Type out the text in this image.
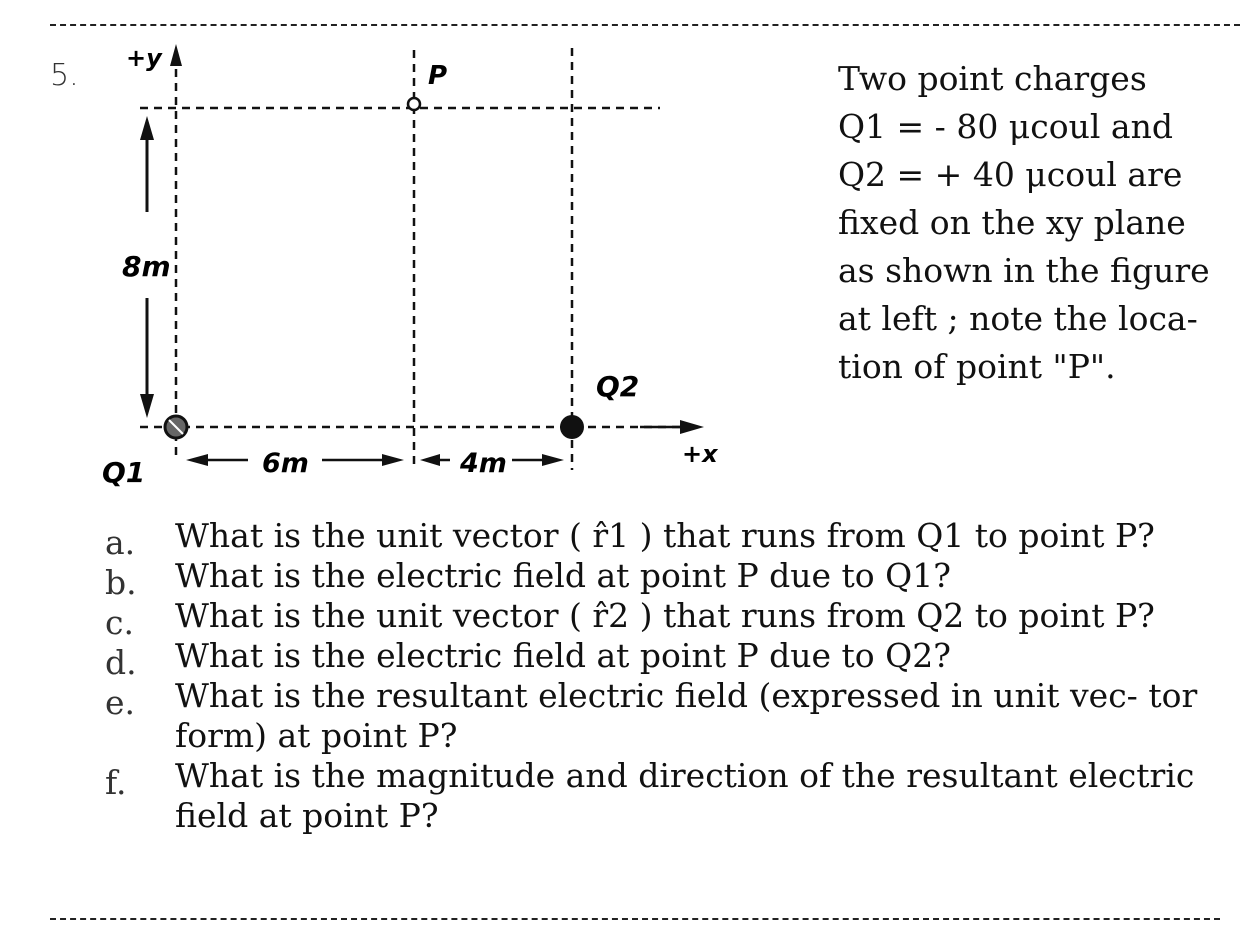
5. +y
+x
P
8m
Q1
Q2
6m	4m
Two point charges
Q1 = - 80 μcoul and
Q2 = + 40 μcoul are
fixed on the xy plane
as shown in the figure
at left ; note the loca-
tion of point "P".
a.	What is the unit vector ( r̂1 ) that runs from Q1 to point P?
b.	What is the electric field at point P due to Q1?
c.	What is the unit vector ( r̂2 ) that runs from Q2 to point P?
d.	What is the electric field at point P due to Q2?
e.	What is the resultant electric field (expressed in unit vec- tor form) at point P?
f.	What is the magnitude and direction of the resultant electric field at point P?
